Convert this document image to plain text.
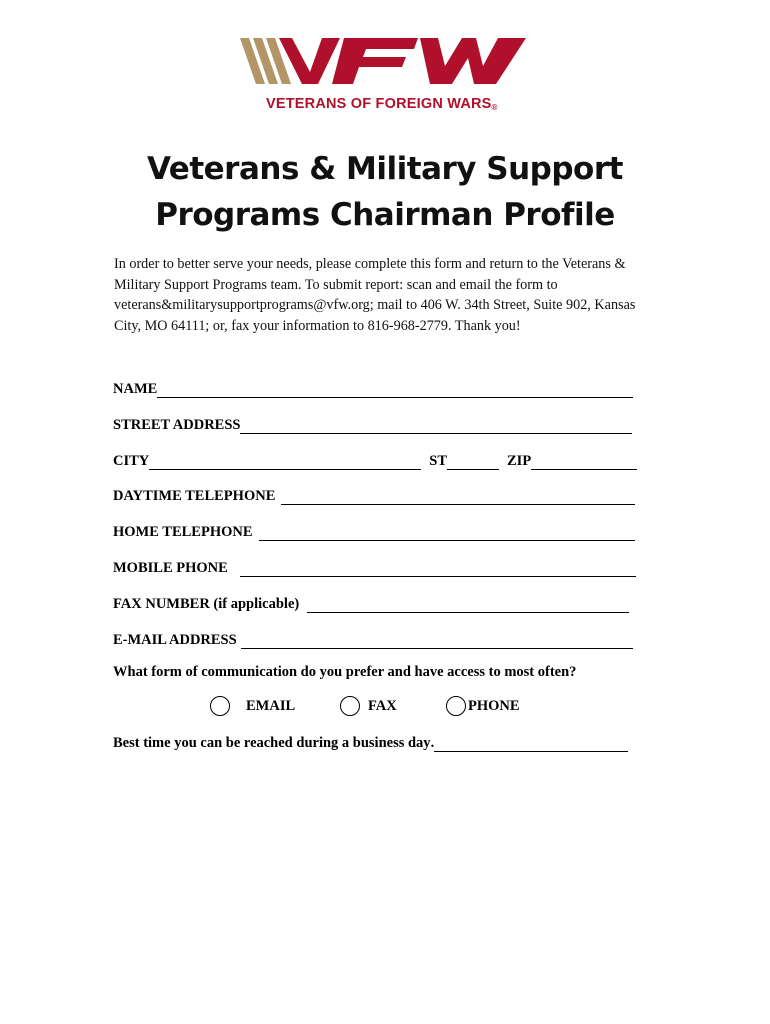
VETERANS OF FOREIGN WARS®
Veterans & Military Support
Programs Chairman Profile
In order to better serve your needs, please complete this form and return to the Veterans & Military Support Programs team. To submit report: scan and email the form to veterans&militarysupportprograms@vfw.org; mail to 406 W. 34th Street, Suite 902, Kansas City, MO 64111; or, fax your information to 816-968-2779. Thank you!
NAME
STREET ADDRESS
CITY	ST	ZIP
DAYTIME TELEPHONE
HOME TELEPHONE
MOBILE PHONE
FAX NUMBER (if applicable)
E-MAIL ADDRESS
What form of communication do you prefer and have access to most often?
EMAIL	FAX	PHONE
Best time you can be reached during a business day .
